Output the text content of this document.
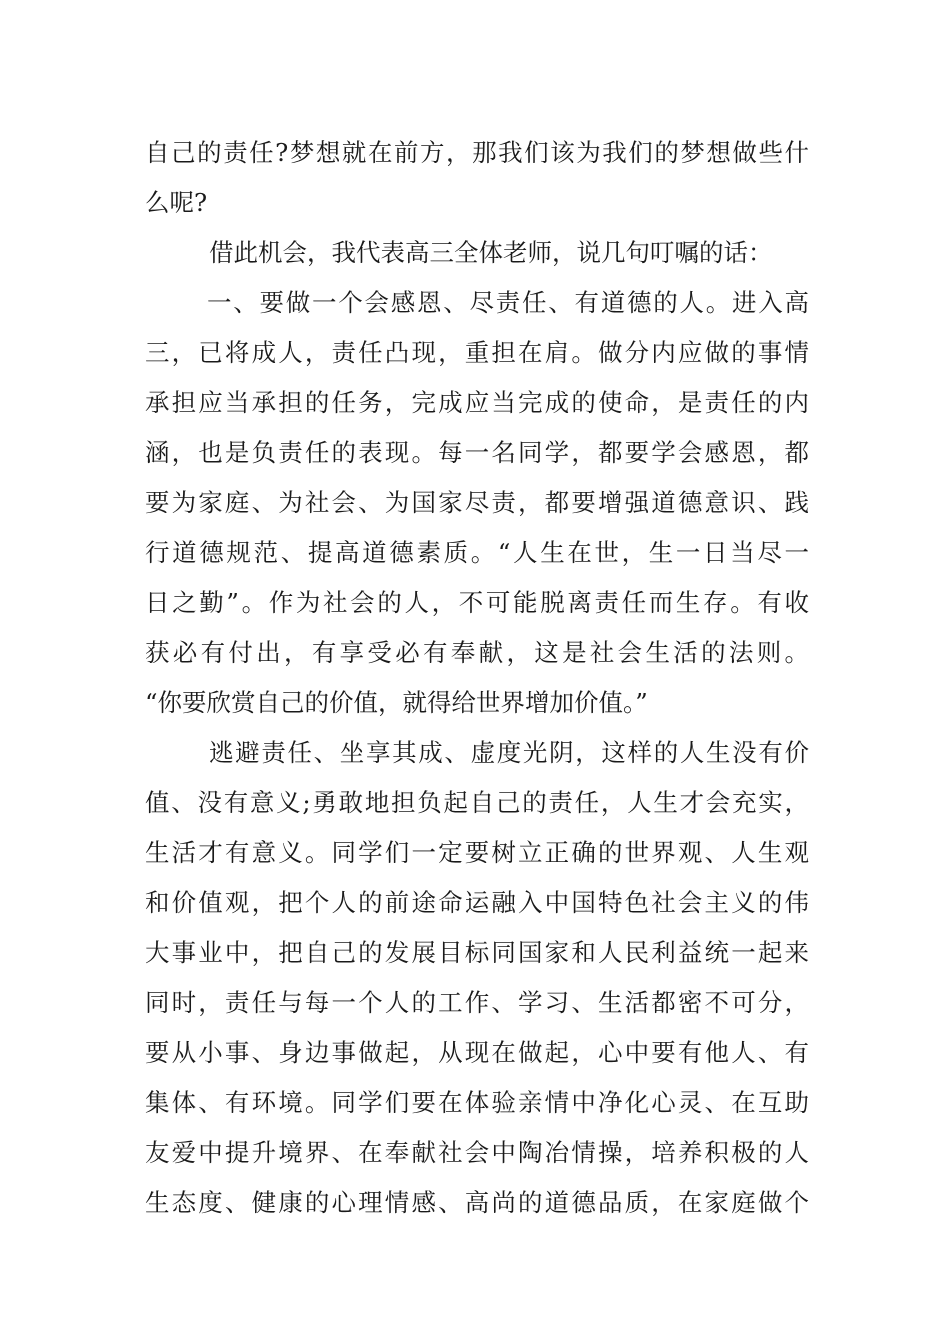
自己的责任?梦想就在前方，那我们该为我们的梦想做些什
么呢?
借此机会，我代表高三全体老师，说几句叮嘱的话：
一、要做一个会感恩、尽责任、有道德的人。进入高
三，已将成人，责任凸现，重担在肩。做分内应做的事情
承担应当承担的任务，完成应当完成的使命，是责任的内
涵，也是负责任的表现。每一名同学，都要学会感恩，都
要为家庭、为社会、为国家尽责，都要增强道德意识、践
行道德规范、提高道德素质。“人生在世，生一日当尽一
日之勤”。作为社会的人，不可能脱离责任而生存。有收
获必有付出，有享受必有奉献，这是社会生活的法则。
“你要欣赏自己的价值，就得给世界增加价值。”
逃避责任、坐享其成、虚度光阴，这样的人生没有价
值、没有意义;勇敢地担负起自己的责任，人生才会充实，
生活才有意义。同学们一定要树立正确的世界观、人生观
和价值观，把个人的前途命运融入中国特色社会主义的伟
大事业中，把自己的发展目标同国家和人民利益统一起来
同时，责任与每一个人的工作、学习、生活都密不可分，
要从小事、身边事做起，从现在做起，心中要有他人、有
集体、有环境。同学们要在体验亲情中净化心灵、在互助
友爱中提升境界、在奉献社会中陶冶情操，培养积极的人
生态度、健康的心理情感、高尚的道德品质，在家庭做个
